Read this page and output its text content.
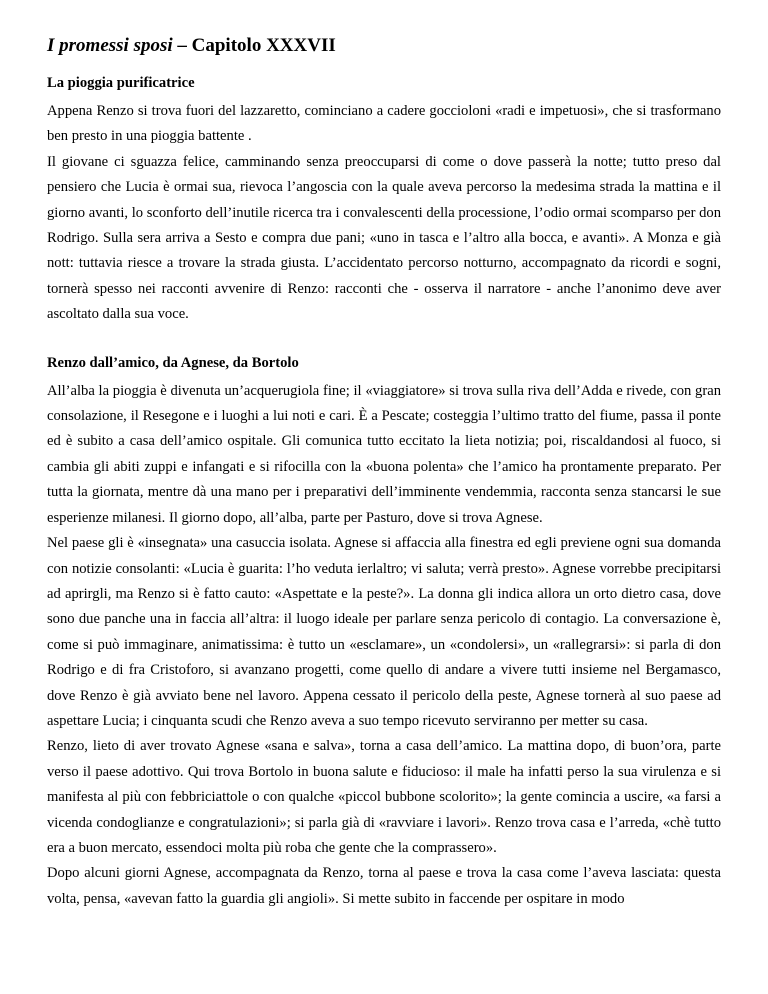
I promessi sposi – Capitolo XXXVII
La pioggia purificatrice

Appena Renzo si trova fuori del lazzaretto, cominciano a cadere goccioloni «radi e impetuosi», che si trasformano ben presto in una pioggia battente .

Il giovane ci sguazza felice, camminando senza preoccuparsi di come o dove passerà la notte; tutto preso dal pensiero che Lucia è ormai sua, rievoca l’angoscia con la quale aveva percorso la medesima strada la mattina e il giorno avanti, lo sconforto dell’inutile ricerca tra i convalescenti della processione, l’odio ormai scomparso per don Rodrigo. Sulla sera arriva a Sesto e compra due pani; «uno in tasca e l’altro alla bocca, e avanti». A Monza e già nott: tuttavia riesce a trovare la strada giusta. L’accidentato percorso notturno, accompagnato da ricordi e sogni, tornerà spesso nei racconti avvenire di Renzo: racconti che - osserva il narratore - anche l’anonimo deve aver ascoltato dalla sua voce.

Renzo dall’amico, da Agnese, da Bortolo

All’alba la pioggia è divenuta un’acquerugiola fine; il «viaggiatore» si trova sulla riva dell’Adda e rivede, con gran consolazione, il Resegone e i luoghi a lui noti e cari. È a Pescate; costeggia l’ultimo tratto del fiume, passa il ponte ed è subito a casa dell’amico ospitale. Gli comunica tutto eccitato la lieta notizia; poi, riscaldandosi al fuoco, si cambia gli abiti zuppi e infangati e si rifocilla con la «buona polenta» che l’amico ha prontamente preparato. Per tutta la giornata, mentre dà una mano per i preparativi dell’imminente vendemmia, racconta senza stancarsi le sue esperienze milanesi. Il giorno dopo, all’alba, parte per Pasturo, dove si trova Agnese.

Nel paese gli è «insegnata» una casuccia isolata. Agnese si affaccia alla finestra ed egli previene ogni sua domanda con notizie consolanti: «Lucia è guarita: l’ho veduta ierlaltro; vi saluta; verrà presto». Agnese vorrebbe precipitarsi ad aprirgli, ma Renzo si è fatto cauto: «Aspettate e la peste?». La donna gli indica allora un orto dietro casa, dove sono due panche una in faccia all’altra: il luogo ideale per parlare senza pericolo di contagio. La conversazione è, come si può immaginare, animatissima: è tutto un «esclamare», un «condolersi», un «rallegrarsi»: si parla di don Rodrigo e di fra Cristoforo, si avanzano progetti, come quello di andare a vivere tutti insieme nel Bergamasco, dove Renzo è già avviato bene nel lavoro. Appena cessato il pericolo della peste, Agnese tornerà al suo paese ad aspettare Lucia; i cinquanta scudi che Renzo aveva a suo tempo ricevuto serviranno per metter su casa.

Renzo, lieto di aver trovato Agnese «sana e salva», torna a casa dell’amico. La mattina dopo, di buon’ora, parte verso il paese adottivo. Qui trova Bortolo in buona salute e fiducioso: il male ha infatti perso la sua virulenza e si manifesta al più con febbriciattole o con qualche «piccol bubbone scolorito»; la gente comincia a uscire, «a farsi a vicenda condoglianze e congratulazioni»; si parla già di «ravviare i lavori». Renzo trova casa e l’arreda, «chè tutto era a buon mercato, essendoci molta più roba che gente che la comprassero».

Dopo alcuni giorni Agnese, accompagnata da Renzo, torna al paese e trova la casa come l’aveva lasciata: questa volta, pensa, «avevan fatto la guardia gli angioli». Si mette subito in faccende per ospitare in modo
